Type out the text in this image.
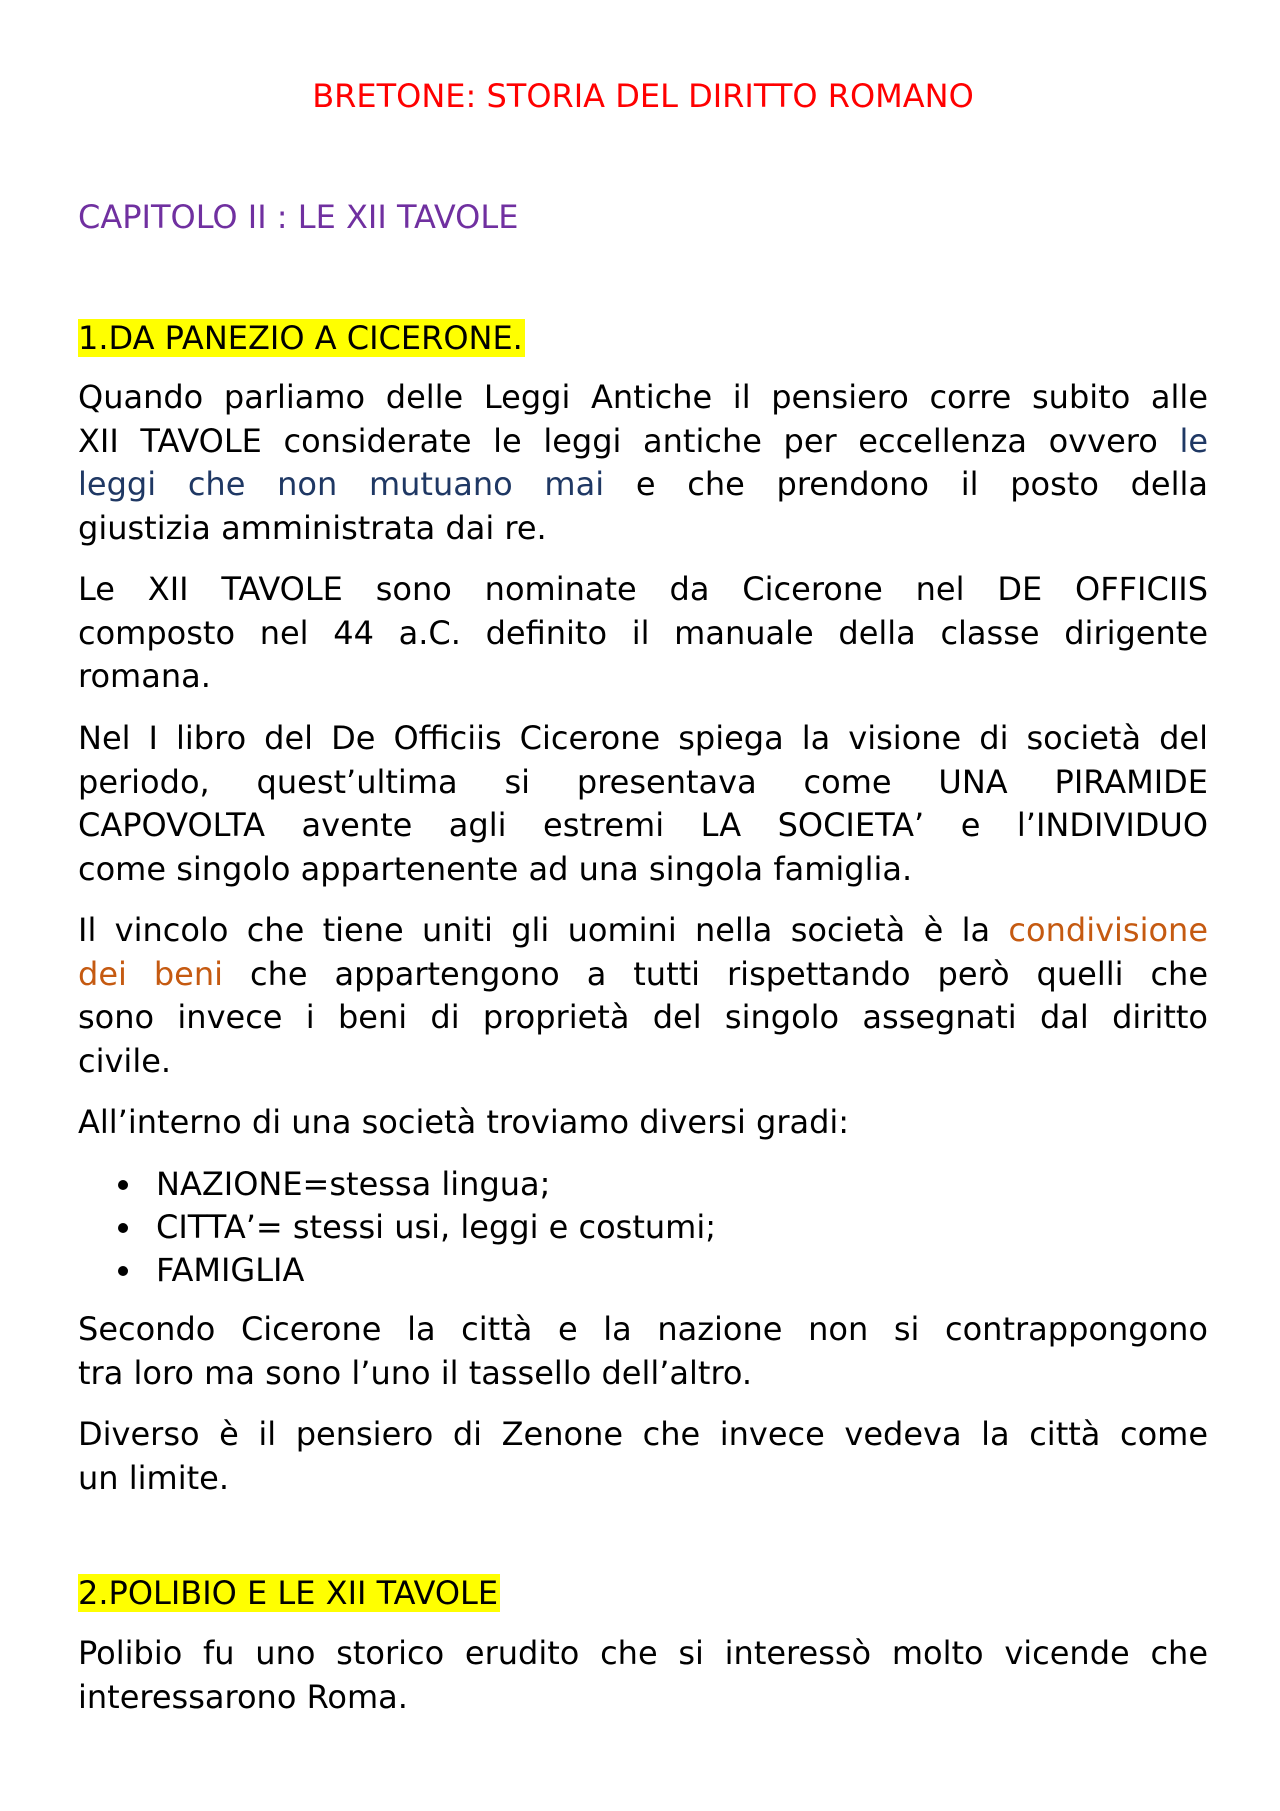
BRETONE: STORIA DEL DIRITTO ROMANO
CAPITOLO II : LE XII TAVOLE
1.DA PANEZIO A CICERONE.
Quando parliamo delle Leggi Antiche il pensiero corre subito alle
XII TAVOLE considerate le leggi antiche per eccellenza ovvero le
leggi che non mutuano mai e che prendono il posto della
giustizia amministrata dai re.
Le XII TAVOLE sono nominate da Cicerone nel DE OFFICIIS
composto nel 44 a.C. definito il manuale della classe dirigente
romana.
Nel I libro del De Officiis Cicerone spiega la visione di società del
periodo, quest’ultima si presentava come UNA PIRAMIDE
CAPOVOLTA avente agli estremi LA SOCIETA’ e l’INDIVIDUO
come singolo appartenente ad una singola famiglia.
Il vincolo che tiene uniti gli uomini nella società è la condivisione
dei beni che appartengono a tutti rispettando però quelli che
sono invece i beni di proprietà del singolo assegnati dal diritto
civile.
All’interno di una società troviamo diversi gradi:
NAZIONE=stessa lingua;
CITTA’= stessi usi, leggi e costumi;
FAMIGLIA
Secondo Cicerone la città e la nazione non si contrappongono
tra loro ma sono l’uno il tassello dell’altro.
Diverso è il pensiero di Zenone che invece vedeva la città come
un limite.
2.POLIBIO E LE XII TAVOLE
Polibio fu uno storico erudito che si interessò molto vicende che
interessarono Roma.
